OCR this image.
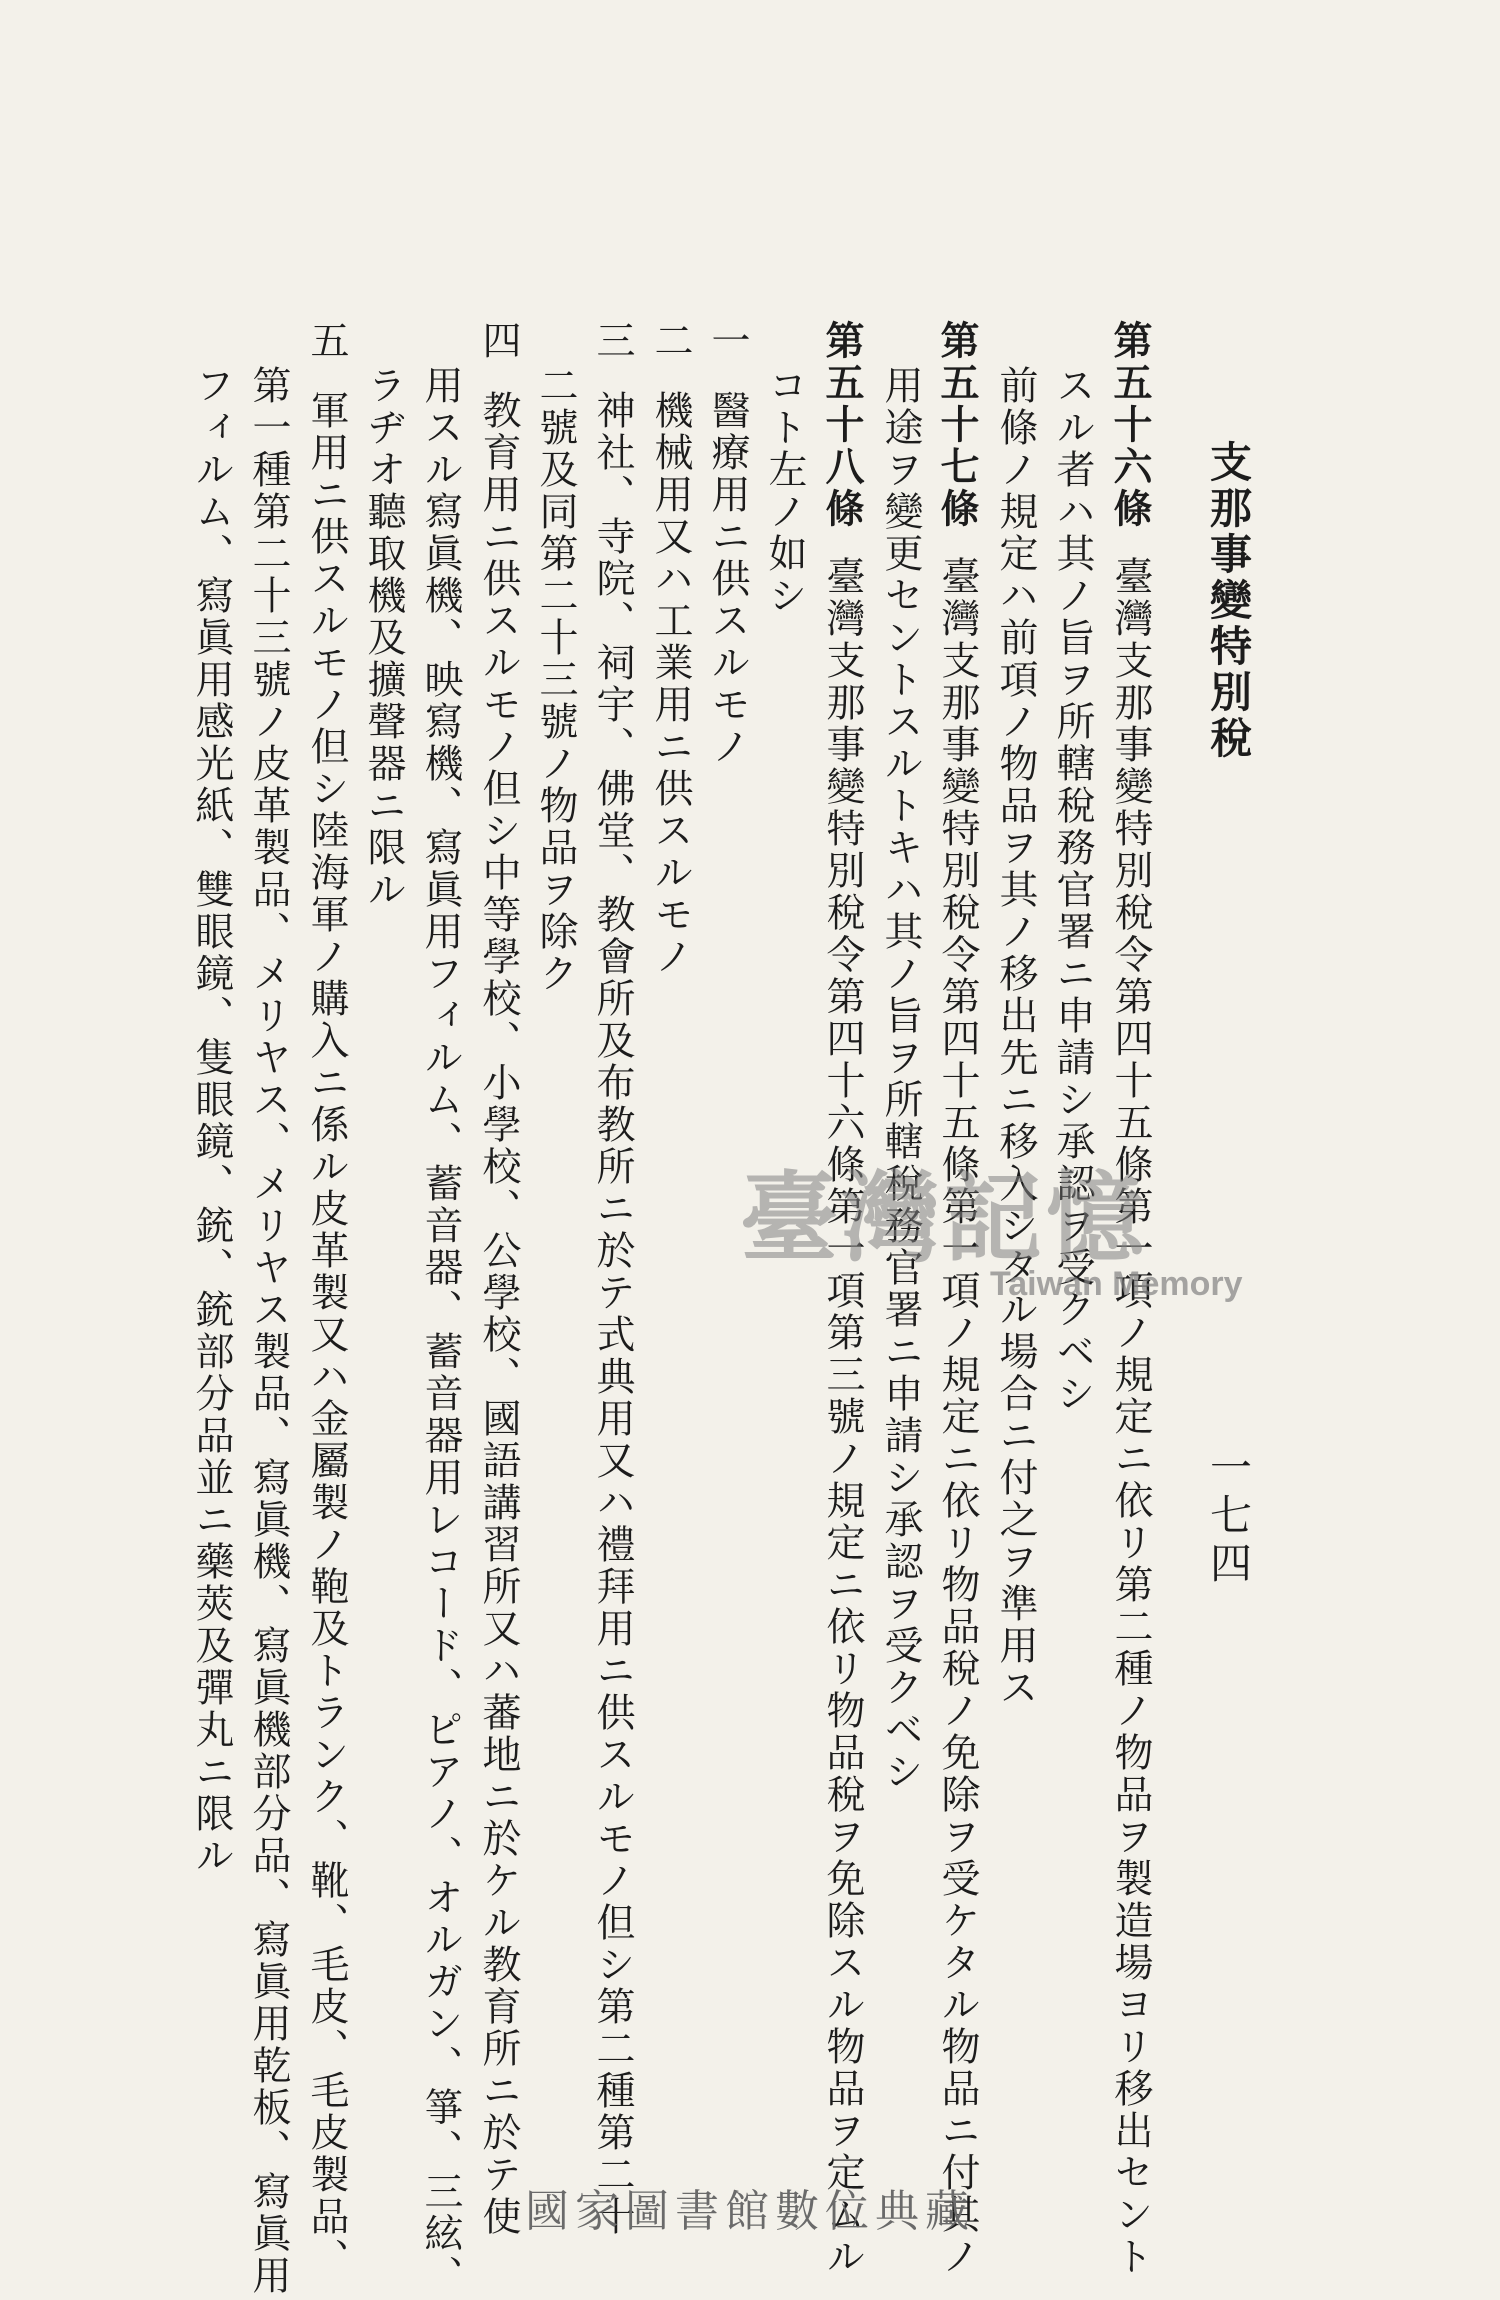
支那事變特別稅
一七四
第五十六條臺灣支那事變特別稅令第四十五條第一項ノ規定ニ依リ第二種ノ物品ヲ製造場ヨリ移出セント
スル者ハ其ノ旨ヲ所轄稅務官署ニ申請シ承認ヲ受クベシ
前條ノ規定ハ前項ノ物品ヲ其ノ移出先ニ移入シタル場合ニ付之ヲ準用ス
第五十七條臺灣支那事變特別稅令第四十五條第一項ノ規定ニ依リ物品稅ノ免除ヲ受ケタル物品ニ付其ノ
用途ヲ變更セントスルトキハ其ノ旨ヲ所轄稅務官署ニ申請シ承認ヲ受クベシ
第五十八條臺灣支那事變特別稅令第四十六條第一項第三號ノ規定ニ依リ物品稅ヲ免除スル物品ヲ定ムル
コト左ノ如シ
一醫療用ニ供スルモノ
二機械用又ハ工業用ニ供スルモノ
三神社、寺院、祠宇、佛堂、教會所及布教所ニ於テ式典用又ハ禮拜用ニ供スルモノ但シ第二種第二十
二號及同第二十三號ノ物品ヲ除ク
四教育用ニ供スルモノ但シ中等學校、小學校、公學校、國語講習所又ハ蕃地ニ於ケル教育所ニ於テ使
用スル寫眞機、映寫機、寫眞用フィルム、蓄音器、蓄音器用レコード、ピアノ、オルガン、箏、三絃、
ラヂオ聽取機及擴聲器ニ限ル
五軍用ニ供スルモノ但シ陸海軍ノ購入ニ係ル皮革製又ハ金屬製ノ鞄及トランク、靴、毛皮、毛皮製品、
第一種第二十三號ノ皮革製品、メリヤス、メリヤス製品、寫眞機、寫眞機部分品、寫眞用乾板、寫眞用
フィルム、寫眞用感光紙、雙眼鏡、隻眼鏡、銃、銃部分品並ニ藥莢及彈丸ニ限ル	臺灣記憶
Taiwan Memory
國家圖書館數位典藏
